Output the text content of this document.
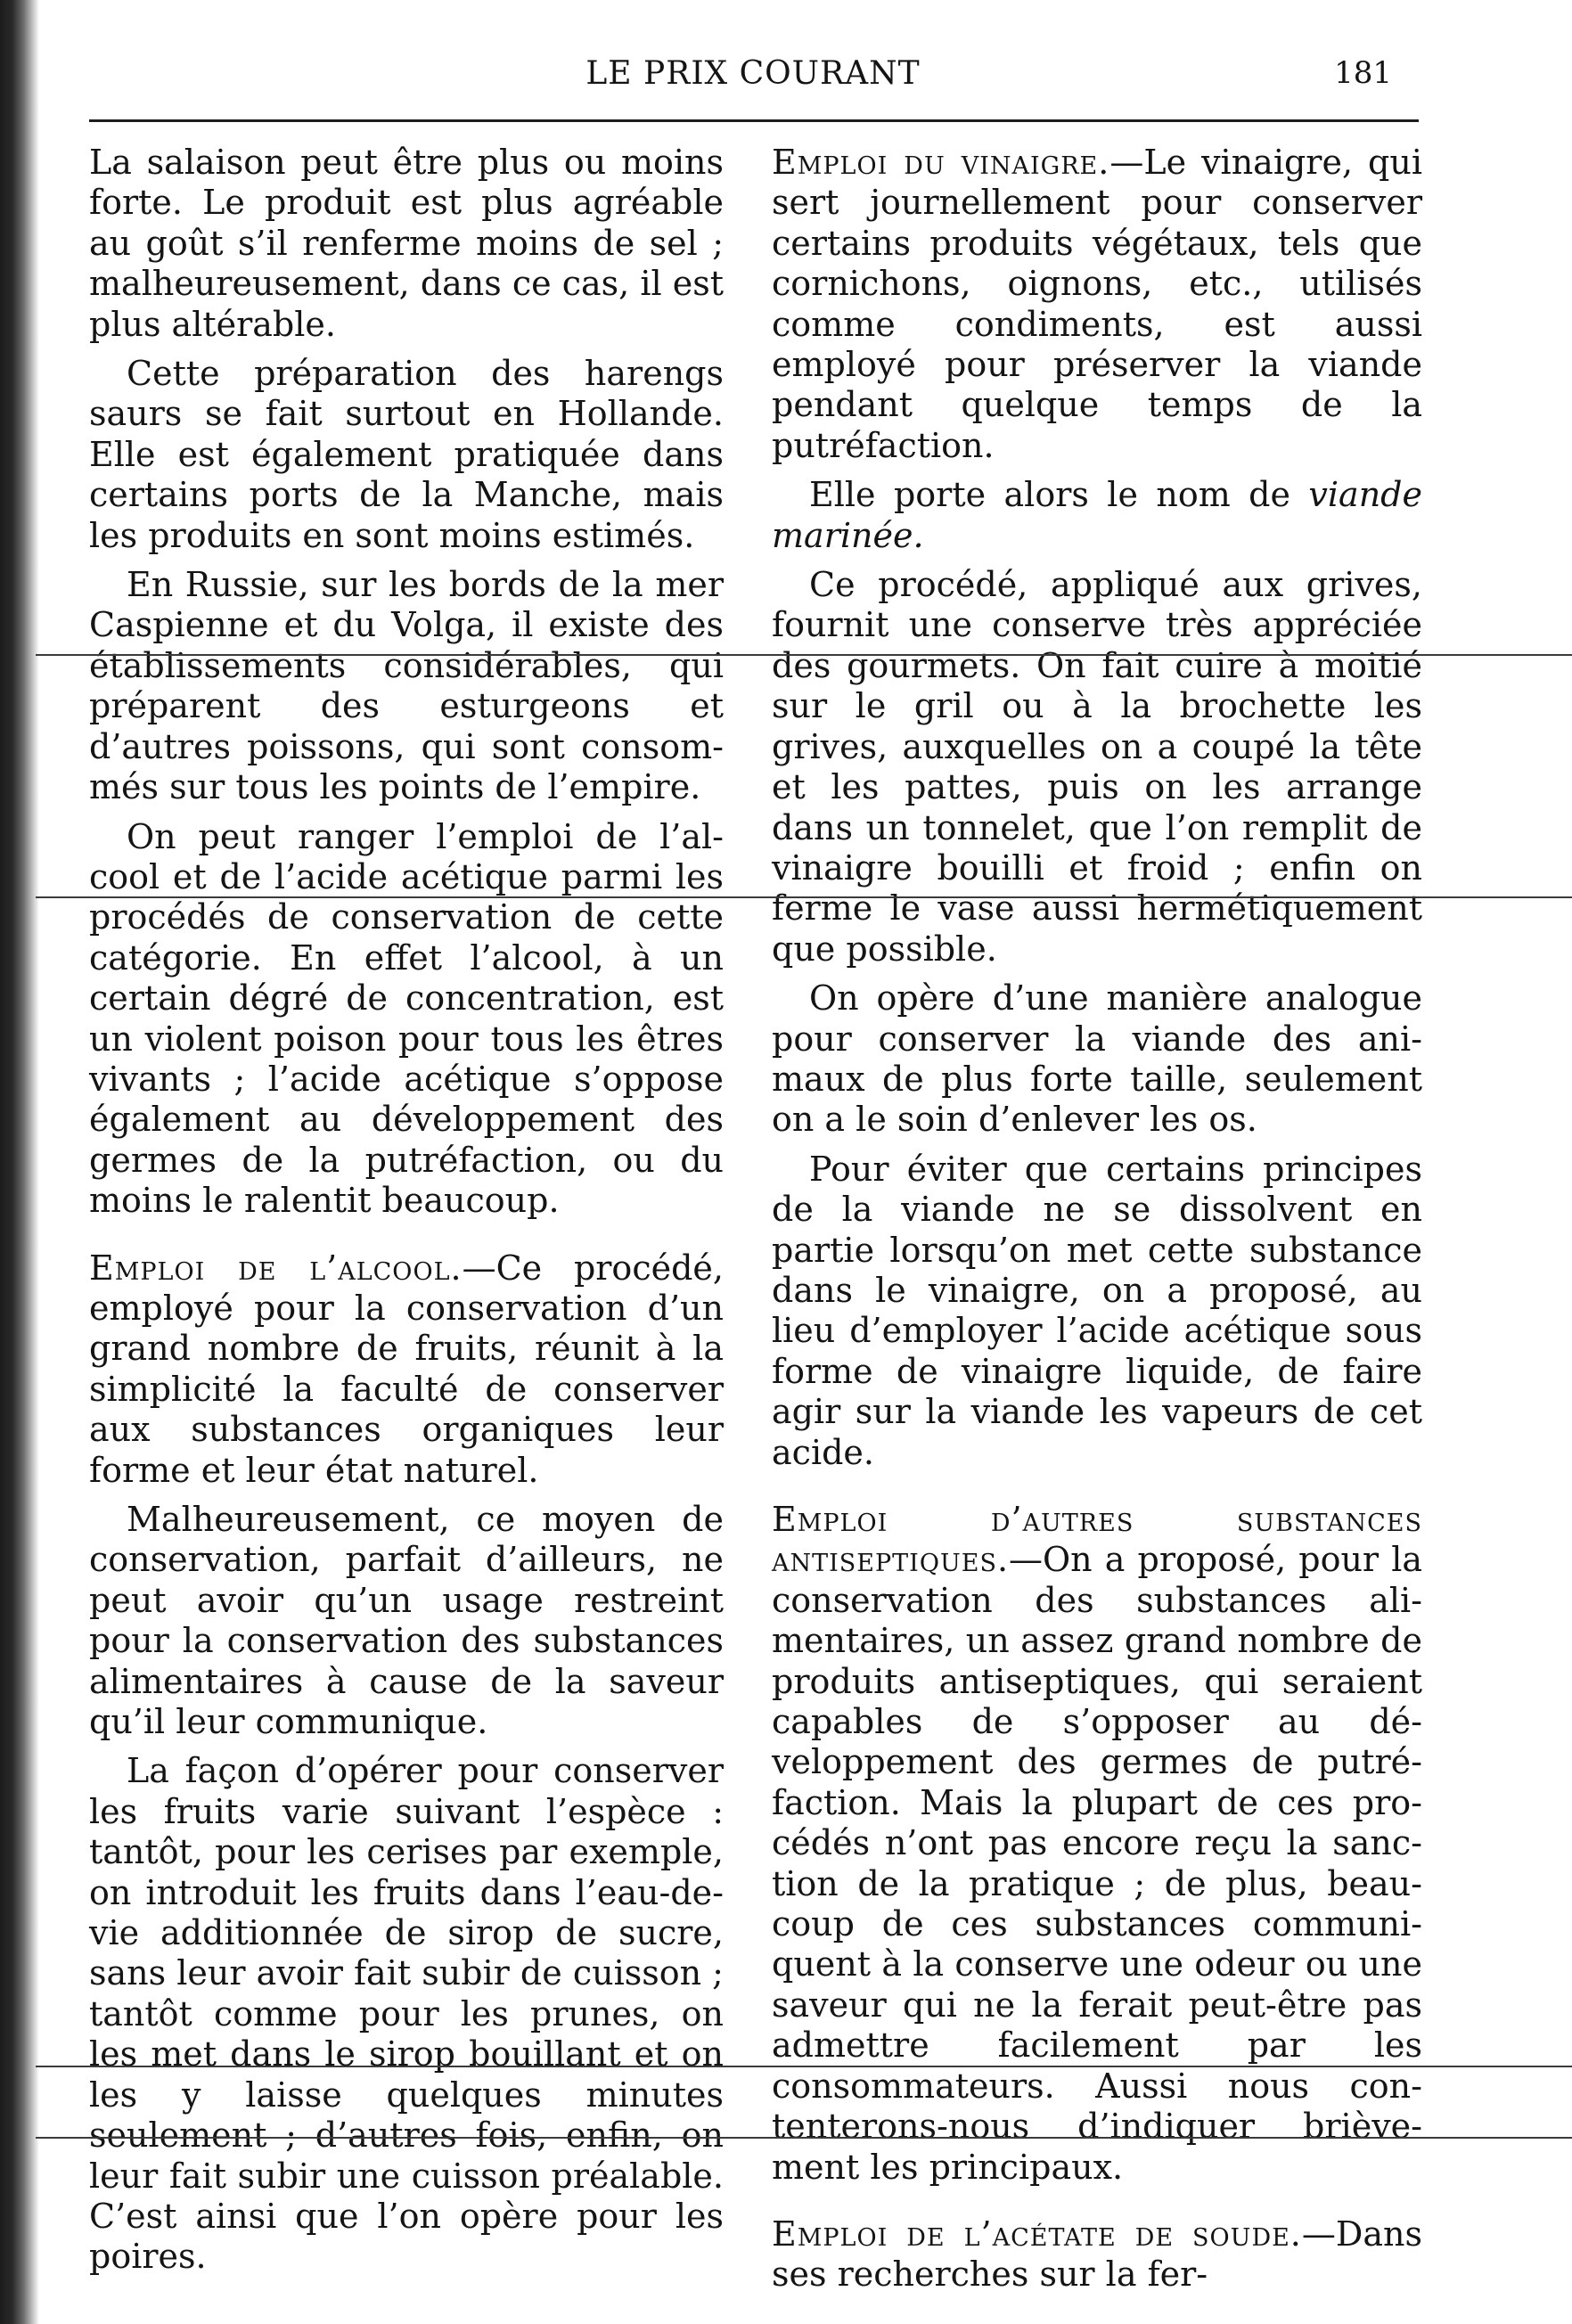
LE PRIX COURANT	181

La salaison peut être plus ou moins forte. Le produit est plus agréable au goût s’il renferme moins de sel ; malheureusement, dans ce cas, il est plus altérable.

Cette préparation des harengs saurs se fait surtout en Hollande. Elle est également pratiquée dans certains ports de la Manche, mais les produits en sont moins estimés.

En Russie, sur les bords de la mer Caspienne et du Volga, il existe des établissements considérables, qui préparent des esturgeons et d’autres poissons, qui sont consommés sur tous les points de l’empire.

On peut ranger l’emploi de l’alcool et de l’acide acétique parmi les procédés de conservation de cette catégorie. En effet l’alcool, à un certain dégré de concentration, est un violent poison pour tous les êtres vivants ; l’acide acétique s’oppose également au développement des germes de la putréfaction, ou du moins le ralentit beaucoup.

Emploi de l’alcool.—Ce procédé, employé pour la conservation d’un grand nombre de fruits, réunit à la simplicité la faculté de conserver aux substances organiques leur forme et leur état naturel.

Malheureusement, ce moyen de conservation, parfait d’ailleurs, ne peut avoir qu’un usage restreint pour la conservation des substances alimentaires à cause de la saveur qu’il leur communique.

La façon d’opérer pour conserver les fruits varie suivant l’espèce : tantôt, pour les cerises par exemple, on introduit les fruits dans l’eau-de-vie additionnée de sirop de sucre, sans leur avoir fait subir de cuisson ; tantôt comme pour les prunes, on les met dans le sirop bouillant et on les y laisse quelques minutes seulement ; d’autres fois, enfin, on leur fait subir une cuisson préalable. C’est ainsi que l’on opère pour les poires.

Emploi du vinaigre.—Le vinaigre, qui sert journellement pour conserver certains produits végétaux, tels que cornichons, oignons, etc., utilisés comme condiments, est aussi employé pour préserver la viande pendant quelque temps de la putréfaction.

Elle porte alors le nom de viande marinée.

Ce procédé, appliqué aux grives, fournit une conserve très appréciée des gourmets. On fait cuire à moitié sur le gril ou à la brochette les grives, auxquelles on a coupé la tête et les pattes, puis on les arrange dans un tonnelet, que l’on remplit de vinaigre bouilli et froid ; enfin on ferme le vase aussi hermétiquement que possible.

On opère d’une manière analogue pour conserver la viande des animaux de plus forte taille, seulement on a le soin d’enlever les os.

Pour éviter que certains principes de la viande ne se dissolvent en partie lorsqu’on met cette substance dans le vinaigre, on a proposé, au lieu d’employer l’acide acétique sous forme de vinaigre liquide, de faire agir sur la viande les vapeurs de cet acide.

Emploi d’autres substances antiseptiques.—On a proposé, pour la conservation des substances alimentaires, un assez grand nombre de produits antiseptiques, qui seraient capables de s’opposer au développement des germes de putréfaction. Mais la plupart de ces procédés n’ont pas encore reçu la sanction de la pratique ; de plus, beaucoup de ces substances communiquent à la conserve une odeur ou une saveur qui ne la ferait peut-être pas admettre facilement par les consommateurs. Aussi nous contenterons-nous d’indiquer brièvement les principaux.

Emploi de l’acétate de soude.—Dans ses recherches sur la fer-
